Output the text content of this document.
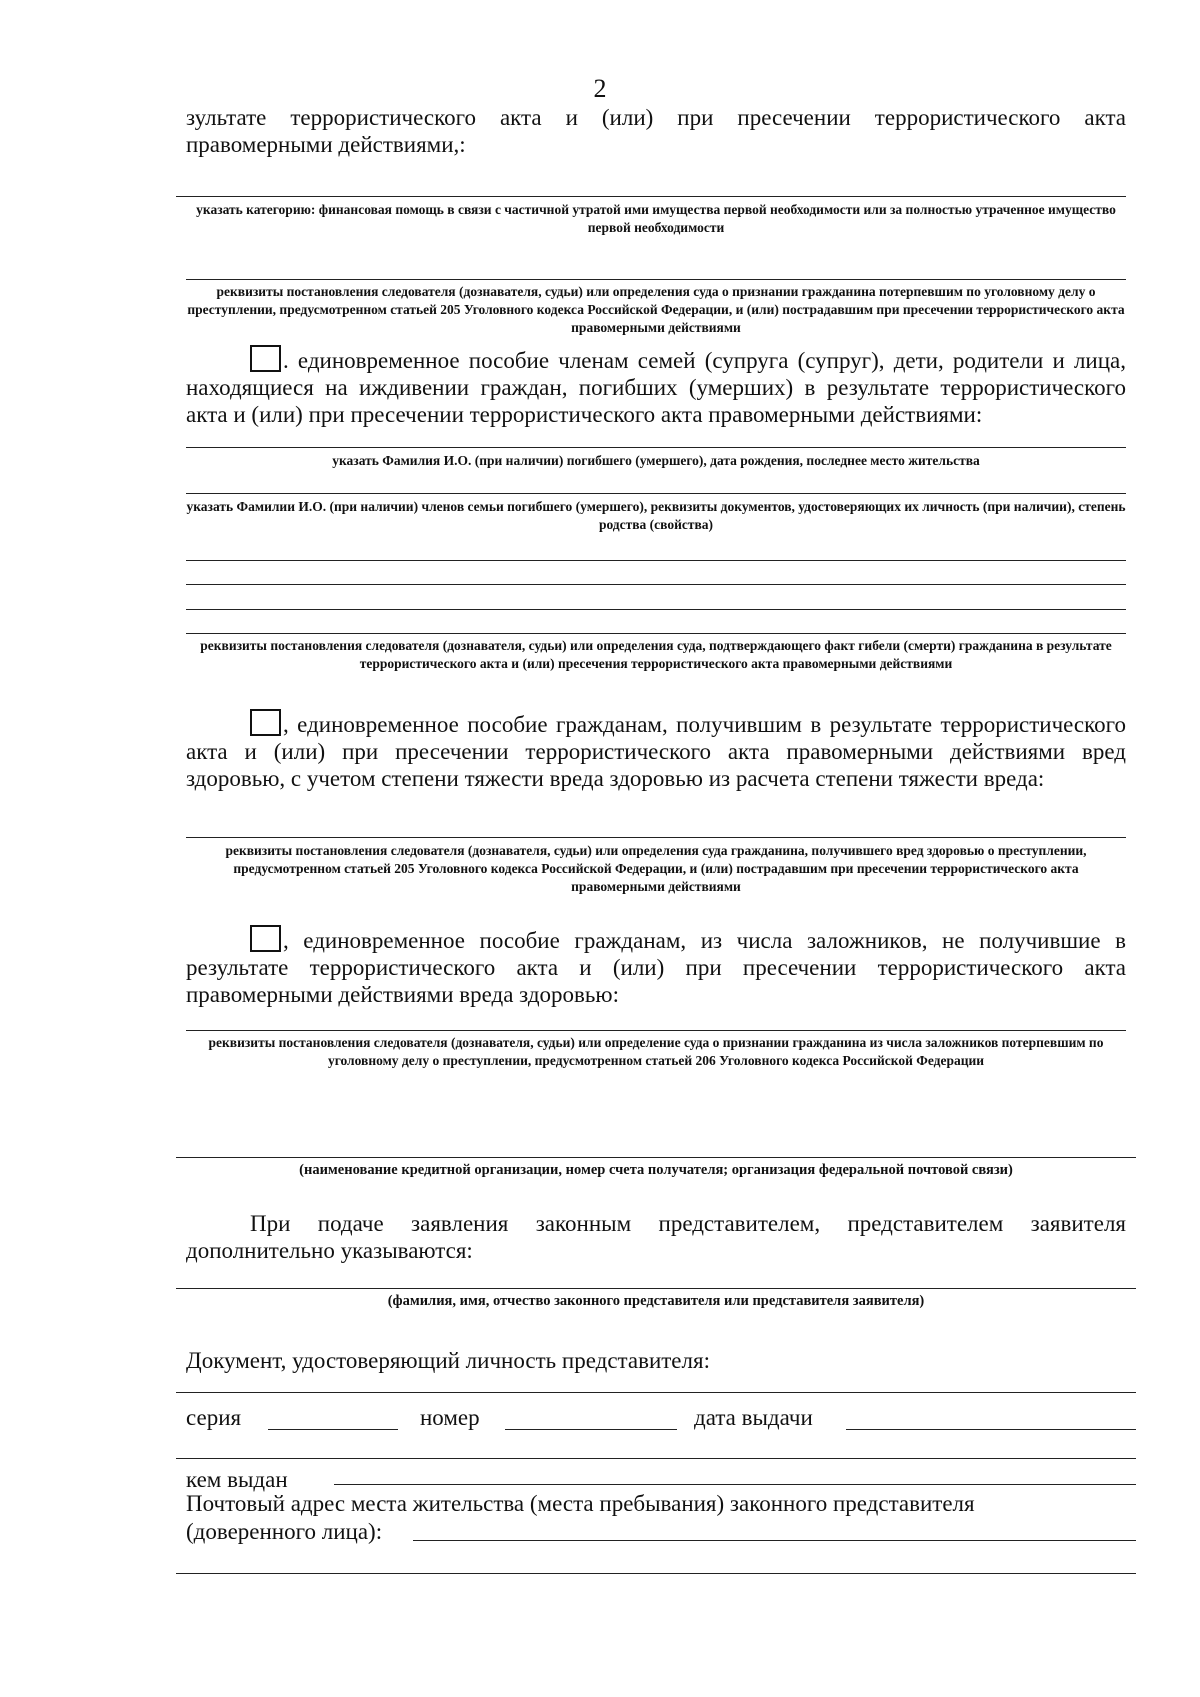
2
зультате террористического акта и (или) при пресечении террористического акта правомерными действиями,:
указать категорию: финансовая помощь в связи с частичной утратой ими имущества первой необходимости или за полностью утраченное имущество первой необходимости
реквизиты постановления следователя (дознавателя, судьи) или определения суда о признании гражданина потерпевшим по уголовному делу о преступлении, предусмотренном статьей 205 Уголовного кодекса Российской Федерации, и (или) пострадавшим при пресечении террористического акта правомерными действиями
. единовременное пособие членам семей (супруга (супруг), дети, родители и лица, находящиеся на иждивении граждан, погибших (умерших) в результате террористического акта и (или) при пресечении террористического акта правомерными действиями:
указать Фамилия И.О. (при наличии) погибшего (умершего), дата рождения, последнее место жительства
указать Фамилии И.О. (при наличии) членов семьи погибшего (умершего), реквизиты документов, удостоверяющих их личность (при наличии), степень родства (свойства)
реквизиты постановления следователя (дознавателя, судьи) или определения суда, подтверждающего факт гибели (смерти) гражданина в результате террористического акта и (или) пресечения террористического акта правомерными действиями
, единовременное пособие гражданам, получившим в результате террористического акта и (или) при пресечении террористического акта правомерными действиями вред здоровью, с учетом степени тяжести вреда здоровью из расчета степени тяжести вреда:
реквизиты постановления следователя (дознавателя, судьи) или определения суда гражданина, получившего вред здоровью о преступлении, предусмотренном статьей 205 Уголовного кодекса Российской Федерации, и (или) пострадавшим при пресечении террористического акта правомерными действиями
, единовременное пособие гражданам, из числа заложников, не получившие в результате террористического акта и (или) при пресечении террористического акта правомерными действиями вреда здоровью:
реквизиты постановления следователя (дознавателя, судьи) или определение суда о признании гражданина из числа заложников потерпевшим по уголовному делу о преступлении, предусмотренном статьей 206 Уголовного кодекса Российской Федерации
(наименование кредитной организации, номер счета получателя; организация федеральной почтовой связи)
При подаче заявления законным представителем, представителем заявителя дополнительно указываются:
(фамилия, имя, отчество законного представителя или представителя заявителя)
Документ, удостоверяющий личность представителя:
серия	номер	дата выдачи
кем выдан
Почтовый адрес места жительства (места пребывания) законного представителя
(доверенного лица):
